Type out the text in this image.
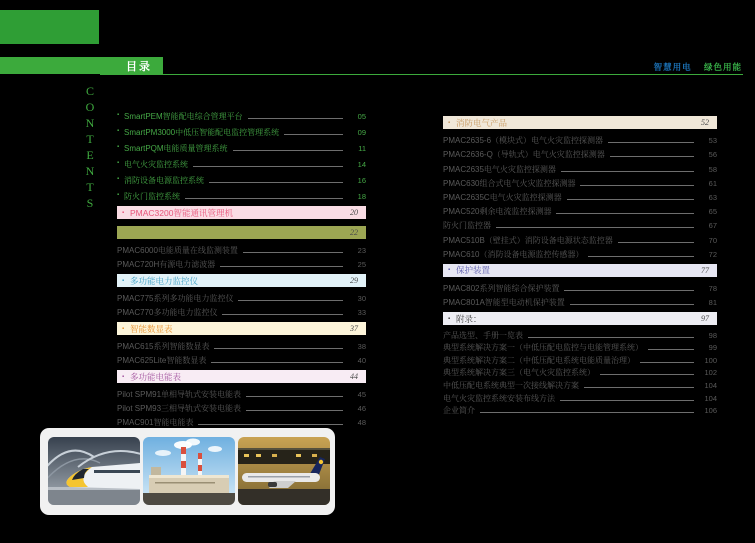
目录	智慧用电 绿色用能
CONTENTS	▪ SmartPEM智能配电综合管理平台	05
▪ SmartPM3000中低压智能配电监控管理系统	09
▪ SmartPQM电能质量管理系统	11
▪ 电气火灾监控系统	14
▪ 消防设备电源监控系统	16
▪ 防火门监控系统	18
▪ PMAC3200智能通讯管理机	20
22
PMAC6000电能质量在线监测装置	23
PMAC720H有源电力滤波器	25
▪ 多功能电力监控仪	29
PMAC775系列多功能电力监控仪	30
PMAC770多功能电力监控仪	33
▪ 智能数显表	37
PMAC615系列智能数显表	38
PMAC625Lite智能数显表	40
▪ 多功能电能表	44
Pilot SPM91单相导轨式安装电能表	45
Pilot SPM93三相导轨式安装电能表	46
PMAC901智能电能表	48
▪ 消防电气产品	52
PMAC2635-6（模块式）电气火灾监控探测器	53
PMAC2636-Q（导轨式）电气火灾监控探测器	56
PMAC2635电气火灾监控探测器	58
PMAC630组合式电气火灾监控探测器	61
PMAC2635C电气火灾监控探测器	63
PMAC520剩余电流监控探测器	65
防火门监控器	67
PMAC510B（壁挂式）消防设备电源状态监控器	70
PMAC610（消防设备电源监控传感器）	72
▪ 保护装置	77
PMAC802系列智能综合保护装置	78
PMAC801A智能型电动机保护装置	81
▪ 附录：	97
产品选型、手册一览表	98
典型系统解决方案一（中低压配电监控与电能管理系统）	99
典型系统解决方案二（中低压配电系统电能质量治理）	100
典型系统解决方案三（电气火灾监控系统）	102
中低压配电系统典型一次接线解决方案	104
电气火灾监控系统安装布线方法	104
企业简介	106
